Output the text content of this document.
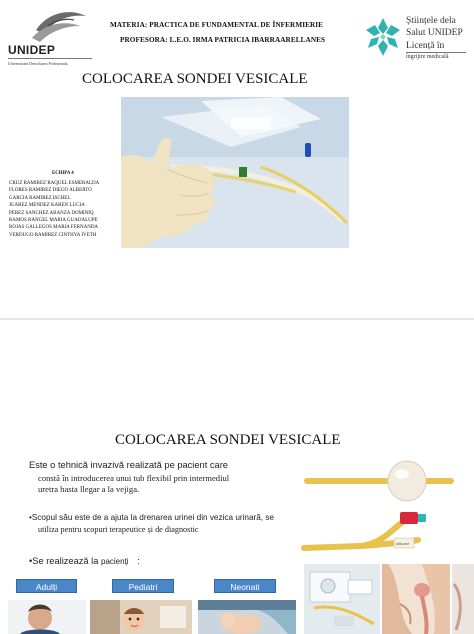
UNIDEP
Universitatea Dezvoltarea Profesionala
MATERIA: PRACTICA DE FUNDAMENTAL DE ÎNFERMIERIE
PROFESORA: L.E.O. IRMA PATRICIA IBARRAARELLANES
Științele dela
Salut UNIDEP
Licență în
îngrijire medicală
COLOCAREA SONDEI VESICALE
ECHIPA 4
CRUZ RAMIREZ RAQUEL ESMERALDA
FLORES RAMIREZ DIEGO ALBERTO
GARCIA RAMIREZ ISCHEL
JUAREZ MENDEZ KAREN LUCIA
PEREZ SANCHEZ ARANZA DOMINIQ
RAMOS RANGEL MARIA GUADALUPE
ROJAS GALLEGOS MARIA FERNANDA
VERDUGO RAMIREZ CINTHYA IVETH
COLOCAREA SONDEI VESICALE
Este o tehnică invazivă realizată pe pacient care
constă în introducerea unui tub flexibil prin intermediul
uretra hasta llegar a la vejiga.
•Scopul său este de a ajuta la drenarea urinei din vezica urinară, se
utiliza pentru scopuri terapeutice și de diagnostic
•Se realizează la pacienți :
Adulți	Pediatri	Neonati
silicone
